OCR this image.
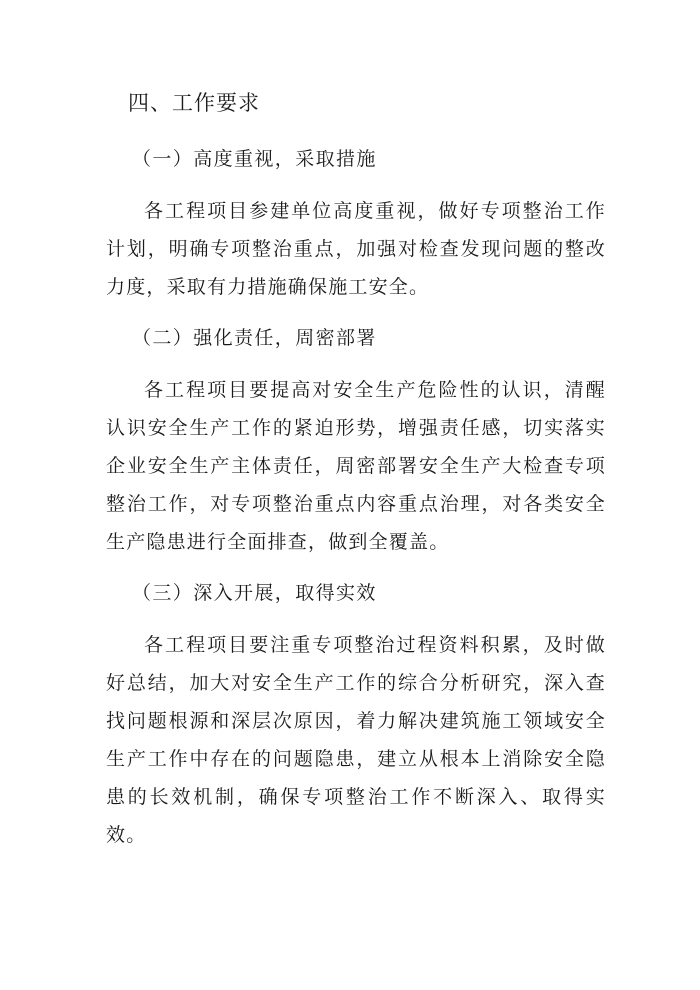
四、工作要求
（一）高度重视，采取措施
各工程项目参建单位高度重视，做好专项整治工作计划，明确专项整治重点，加强对检查发现问题的整改力度，采取有力措施确保施工安全。
（二）强化责任，周密部署
各工程项目要提高对安全生产危险性的认识，清醒认识安全生产工作的紧迫形势，增强责任感，切实落实企业安全生产主体责任，周密部署安全生产大检查专项整治工作，对专项整治重点内容重点治理，对各类安全生产隐患进行全面排查，做到全覆盖。
（三）深入开展，取得实效
各工程项目要注重专项整治过程资料积累，及时做好总结，加大对安全生产工作的综合分析研究，深入查找问题根源和深层次原因，着力解决建筑施工领域安全生产工作中存在的问题隐患，建立从根本上消除安全隐患的长效机制，确保专项整治工作不断深入、取得实效。
